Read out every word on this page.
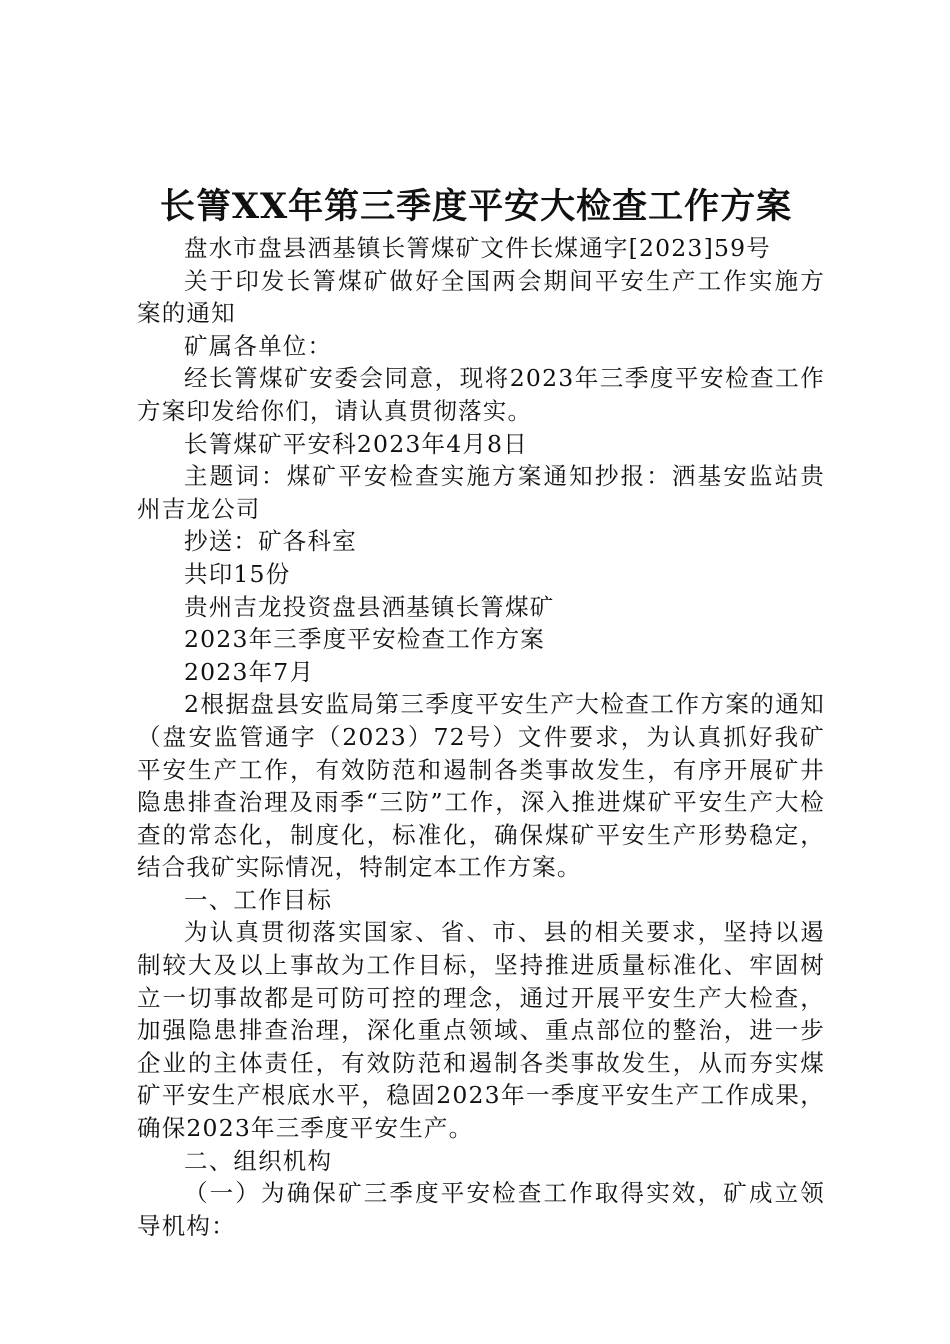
长箐XX年第三季度平安大检查工作方案

盘水市盘县洒基镇长箐煤矿文件长煤通字[2023]59号

关于印发长箐煤矿做好全国两会期间平安生产工作实施方案的通知

矿属各单位：

经长箐煤矿安委会同意，现将2023年三季度平安检查工作方案印发给你们，请认真贯彻落实。

长箐煤矿平安科2023年4月8日

主题词：煤矿平安检查实施方案通知抄报：洒基安监站贵州吉龙公司

抄送：矿各科室

共印15份

贵州吉龙投资盘县洒基镇长箐煤矿

2023年三季度平安检查工作方案

2023年7月

2根据盘县安监局第三季度平安生产大检查工作方案的通知（盘安监管通字（2023）72号）文件要求，为认真抓好我矿平安生产工作，有效防范和遏制各类事故发生，有序开展矿井隐患排查治理及雨季“三防”工作，深入推进煤矿平安生产大检查的常态化，制度化，标准化，确保煤矿平安生产形势稳定，结合我矿实际情况，特制定本工作方案。

一、工作目标

为认真贯彻落实国家、省、市、县的相关要求，坚持以遏制较大及以上事故为工作目标，坚持推进质量标准化、牢固树立一切事故都是可防可控的理念，通过开展平安生产大检查，加强隐患排查治理，深化重点领域、重点部位的整治，进一步企业的主体责任，有效防范和遏制各类事故发生，从而夯实煤矿平安生产根底水平，稳固2023年一季度平安生产工作成果，确保2023年三季度平安生产。

二、组织机构

（一）为确保矿三季度平安检查工作取得实效，矿成立领导机构：
